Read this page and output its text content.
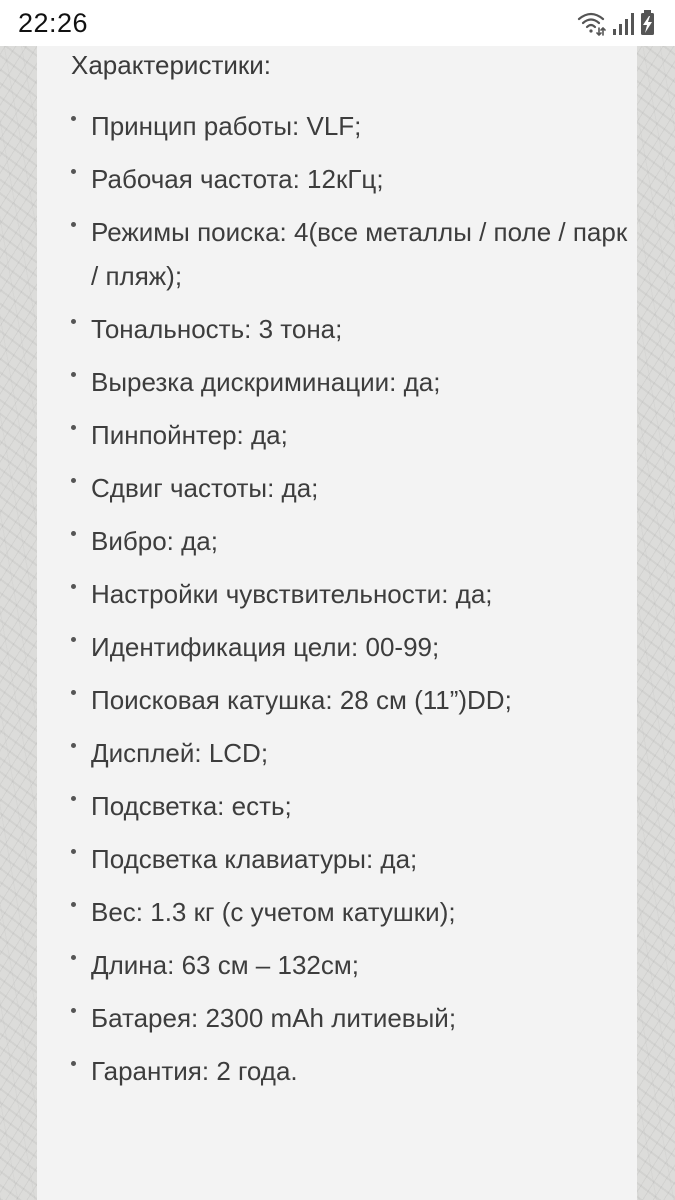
22:26
Характеристики:
Принцип работы: VLF;
Рабочая частота: 12кГц;
Режимы поиска: 4(все металлы / поле / парк / пляж);
Тональность: 3 тона;
Вырезка дискриминации: да;
Пинпойнтер: да;
Сдвиг частоты: да;
Вибро: да;
Настройки чувствительности: да;
Идентификация цели: 00-99;
Поисковая катушка: 28 см (11”)DD;
Дисплей: LCD;
Подсветка: есть;
Подсветка клавиатуры: да;
Вес: 1.3 кг (с учетом катушки);
Длина: 63 см – 132см;
Батарея: 2300 mAh литиевый;
Гарантия: 2 года.
